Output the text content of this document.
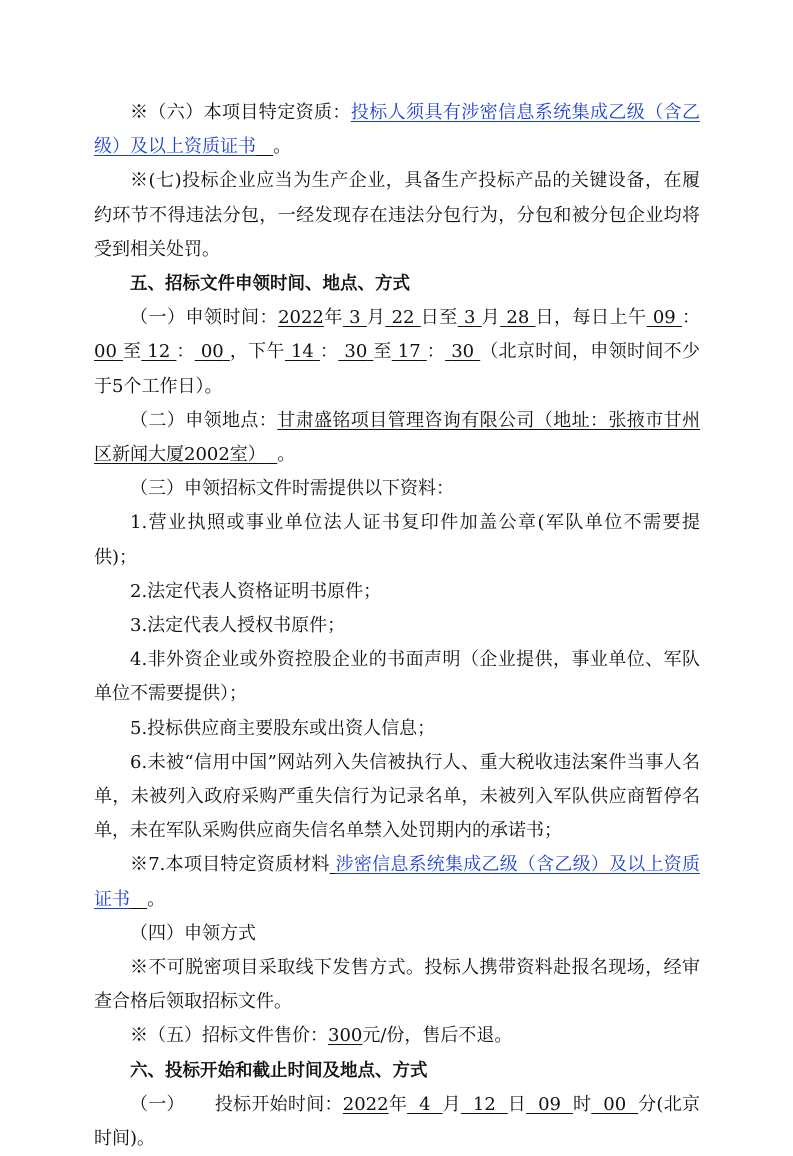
※（六）本项目特定资质：投标人须具有涉密信息系统集成乙级（含乙级）及以上资质证书 。

※(七)投标企业应当为生产企业，具备生产投标产品的关键设备，在履约环节不得违法分包，一经发现存在违法分包行为，分包和被分包企业均将受到相关处罚。

五、招标文件申领时间、地点、方式

（一）申领时间：2022年 3 月 22 日至 3 月 28 日，每日上午 09 ：00 至 12 ： 00 ，下午 14 ： 30 至 17 ： 30 （北京时间，申领时间不少于5个工作日）。

（二）申领地点：甘肃盛铭项目管理咨询有限公司（地址：张掖市甘州区新闻大厦2002室） 。

（三）申领招标文件时需提供以下资料：

1.营业执照或事业单位法人证书复印件加盖公章(军队单位不需要提供)；

2.法定代表人资格证明书原件；

3.法定代表人授权书原件；

4.非外资企业或外资控股企业的书面声明（企业提供，事业单位、军队单位不需要提供）；

5.投标供应商主要股东或出资人信息；

6.未被“信用中国”网站列入失信被执行人、重大税收违法案件当事人名单，未被列入政府采购严重失信行为记录名单，未被列入军队供应商暂停名单，未在军队采购供应商失信名单禁入处罚期内的承诺书；

※7.本项目特定资质材料 涉密信息系统集成乙级（含乙级）及以上资质证书 。

（四）申领方式

※不可脱密项目采取线下发售方式。投标人携带资料赴报名现场，经审查合格后领取招标文件。

※（五）招标文件售价：300元/份，售后不退。

六、投标开始和截止时间及地点、方式

（一） 投标开始时间：2022年 4 月 12 日 09 时 00 分(北京时间)。
